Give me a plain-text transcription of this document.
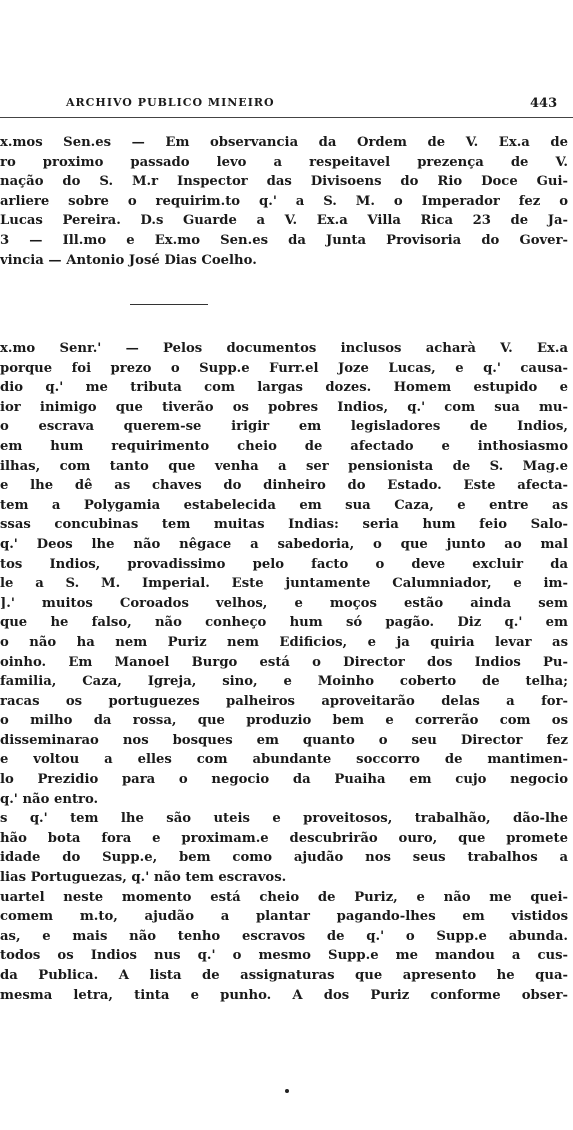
ARCHIVO PUBLICO MINEIRO	443
x.mos Sen.es — Em observancia da Ordem de V. Ex.a de
ro proximo passado levo a respeitavel prezença de V.
nação do S. M.r Inspector das Divisoens do Rio Doce Gui-
arliere sobre o requirim.to q.' a S. M. o Imperador fez o
Lucas Pereira. D.s Guarde a V. Ex.a Villa Rica 23 de Ja-
3 — Ill.mo e Ex.mo Sen.es da Junta Provisoria do Gover-
vincia — Antonio José Dias Coelho.
x.mo Senr.' — Pelos documentos inclusos acharà V. Ex.a
porque foi prezo o Supp.e Furr.el Joze Lucas, e q.' causa-
dio q.' me tributa com largas dozes. Homem estupido e
ior inimigo que tiverão os pobres Indios, q.' com sua mu-
o escrava querem-se irigir em legisladores de Indios,
em hum requirimento cheio de afectado e inthosiasmo
ilhas, com tanto que venha a ser pensionista de S. Mag.e
e lhe dê as chaves do dinheiro do Estado. Este afecta-
tem a Polygamia estabelecida em sua Caza, e entre as
ssas concubinas tem muitas Indias: seria hum feio Salo-
q.' Deos lhe não nêgace a sabedoria, o que junto ao mal
tos Indios, provadissimo pelo facto o deve excluir da
le a S. M. Imperial. Este juntamente Calumniador, e im-
].' muitos Coroados velhos, e moços estão ainda sem
que he falso, não conheço hum só pagão. Diz q.' em
o não ha nem Puriz nem Edificios, e ja quiria levar as
oinho. Em Manoel Burgo está o Director dos Indios Pu-
familia, Caza, Igreja, sino, e Moinho coberto de telha;
racas os portuguezes palheiros aproveitarão delas a for-
o milho da rossa, que produzio bem e correrão com os
disseminarao nos bosques em quanto o seu Director fez
e voltou a elles com abundante soccorro de mantimen-
lo Prezidio para o negocio da Puaiha em cujo negocio
q.' não entro.
s q.' tem lhe são uteis e proveitosos, trabalhão, dão-lhe
hão bota fora e proximam.e descubrirão ouro, que promete
idade do Supp.e, bem como ajudão nos seus trabalhos a
lias Portuguezas, q.' não tem escravos.
uartel neste momento está cheio de Puriz, e não me quei-
comem m.to, ajudão a plantar pagando-lhes em vistidos
as, e mais não tenho escravos de q.' o Supp.e abunda.
todos os Indios nus q.' o mesmo Supp.e me mandou a cus-
da Publica. A lista de assignaturas que apresento he qua-
mesma letra, tinta e punho. A dos Puriz conforme obser-
